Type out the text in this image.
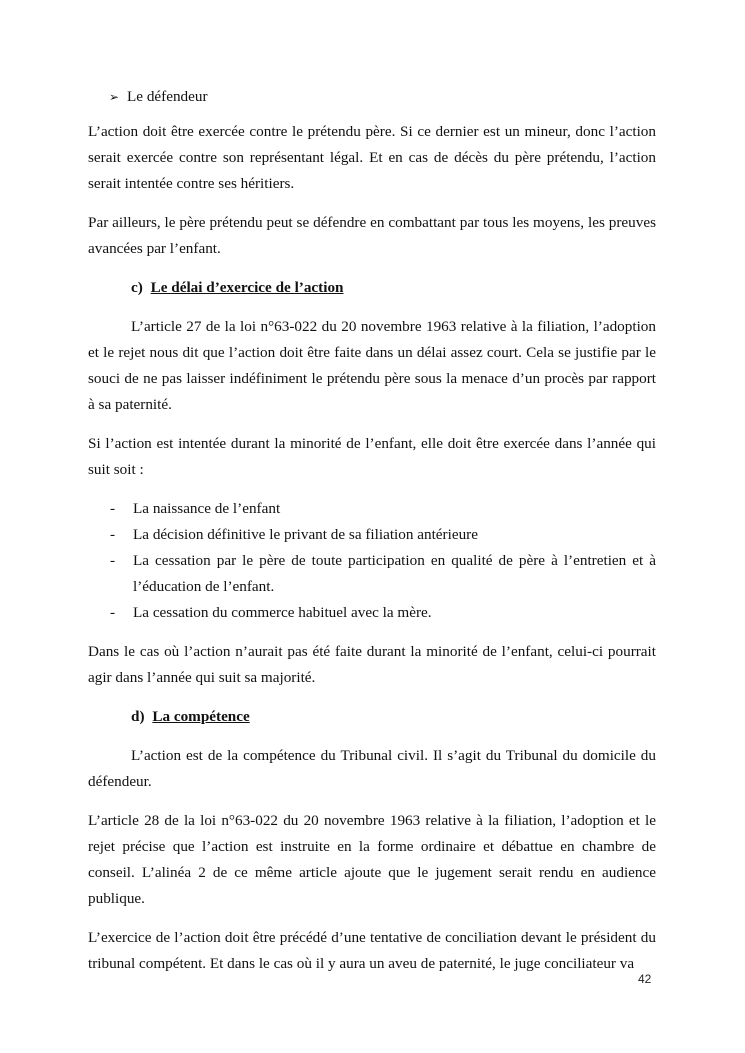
➢ Le défendeur

L’action doit être exercée contre le prétendu père. Si ce dernier est un mineur, donc l’action serait exercée contre son représentant légal. Et en cas de décès du père prétendu, l’action serait intentée contre ses héritiers.

Par ailleurs, le père prétendu peut se défendre en combattant par tous les moyens, les preuves avancées par l’enfant.

c) Le délai d’exercice de l’action

L’article 27 de la loi n°63-022 du 20 novembre 1963 relative à la filiation, l’adoption et le rejet nous dit que l’action doit être faite dans un délai assez court. Cela se justifie par le souci de ne pas laisser indéfiniment le prétendu père sous la menace d’un procès par rapport à sa paternité.

Si l’action est intentée durant la minorité de l’enfant, elle doit être exercée dans l’année qui suit soit :

- La naissance de l’enfant
- La décision définitive le privant de sa filiation antérieure
- La cessation par le père de toute participation en qualité de père à l’entretien et à l’éducation de l’enfant.
- La cessation du commerce habituel avec la mère.

Dans le cas où l’action n’aurait pas été faite durant la minorité de l’enfant, celui-ci pourrait agir dans l’année qui suit sa majorité.

d) La compétence

L’action est de la compétence du Tribunal civil. Il s’agit du Tribunal du domicile du défendeur.

L’article 28 de la loi n°63-022 du 20 novembre 1963 relative à la filiation, l’adoption et le rejet précise que l’action est instruite en la forme ordinaire et débattue en chambre de conseil. L’alinéa 2 de ce même article ajoute que le jugement serait rendu en audience publique.

L’exercice de l’action doit être précédé d’une tentative de conciliation devant le président du tribunal compétent. Et dans le cas où il y aura un aveu de paternité, le juge conciliateur va

42
